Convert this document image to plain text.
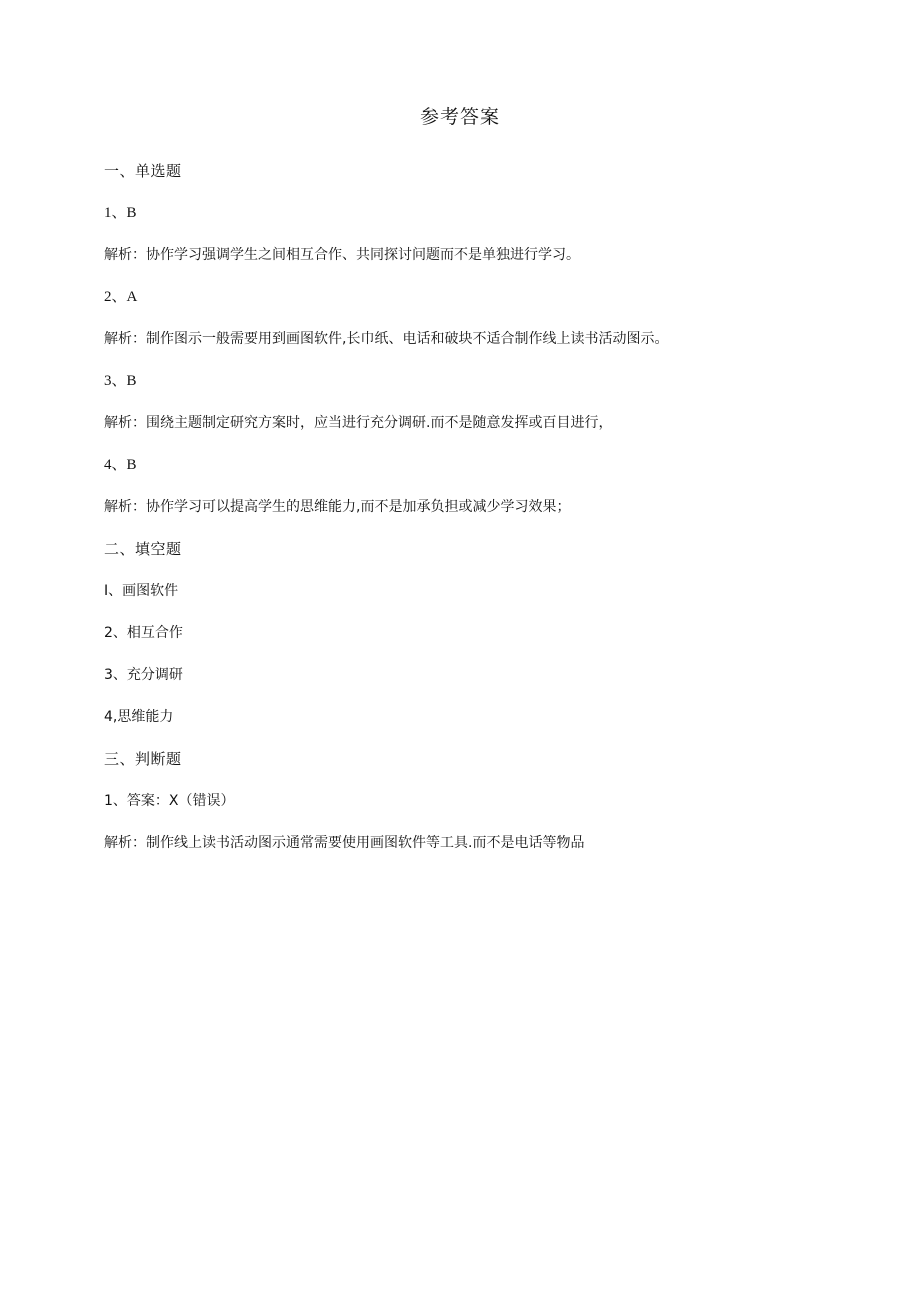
参考答案
一、单选题
1、B
解析：协作学习强调学生之间相互合作、共同探讨问题而不是单独进行学习。
2、A
解析：制作图示一般需要用到画图软件,长巾纸、电话和破块不适合制作线上读书活动图示。
3、B
解析：围绕主题制定研究方案时，应当进行充分调研.而不是随意发挥或百目进行，
4、B
解析：协作学习可以提高学生的思维能力,而不是加承负担或减少学习效果；
二、填空题
I、画图软件
2、相互合作
3、充分调研
4,思维能力
三、判断题
1、答案：X（错误）
解析：制作线上读书活动图示通常需要使用画图软件等工具.而不是电话等物品
